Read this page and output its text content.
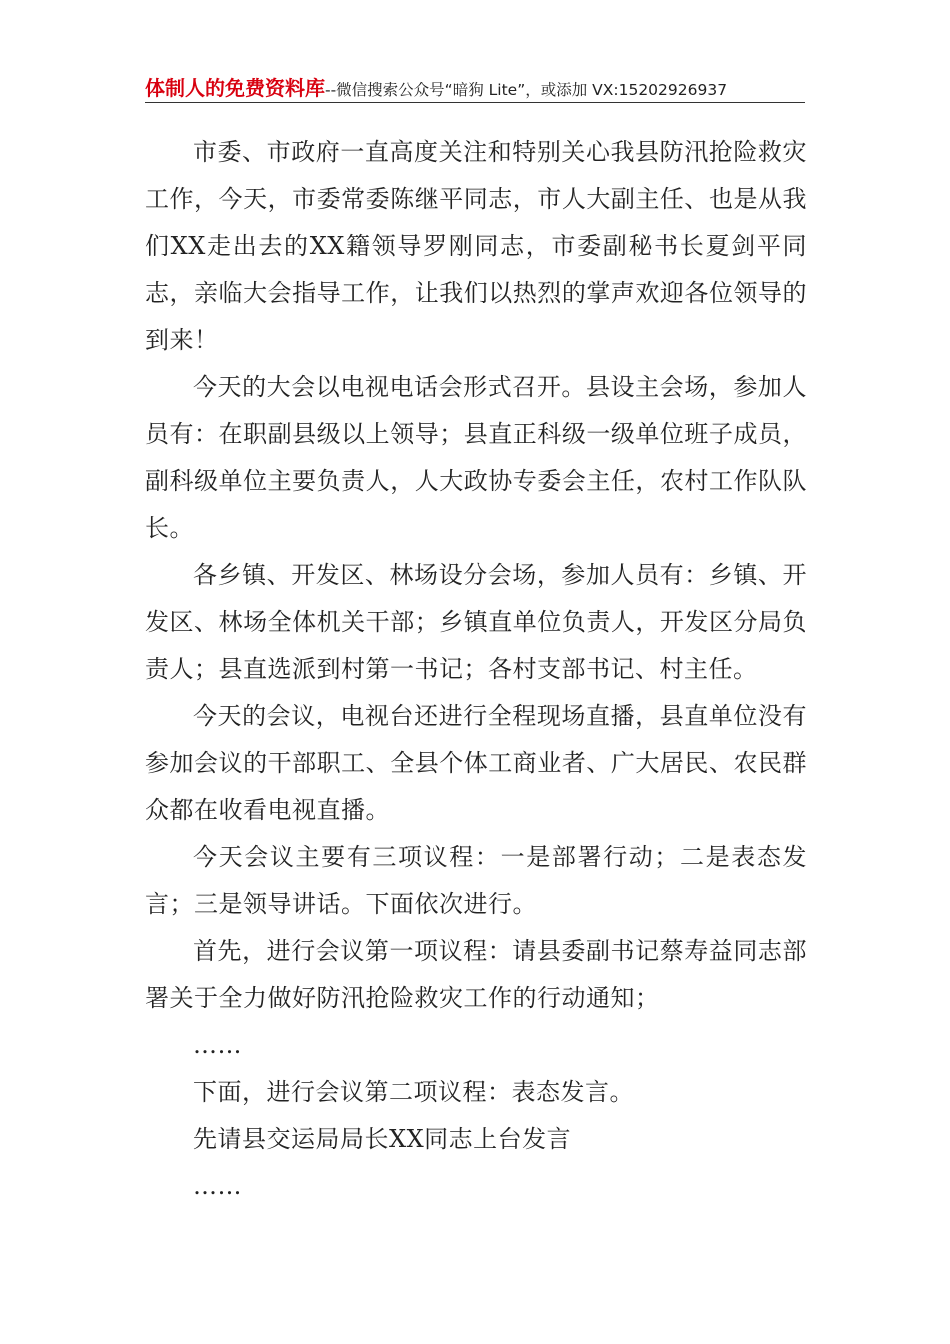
体制人的免费资料库--微信搜索公众号“暗狗 Lite”，或添加 VX:15202926937

市委、市政府一直高度关注和特别关心我县防汛抢险救灾工作，今天，市委常委陈继平同志，市人大副主任、也是从我们XX走出去的XX籍领导罗刚同志，市委副秘书长夏剑平同志，亲临大会指导工作，让我们以热烈的掌声欢迎各位领导的到来！

今天的大会以电视电话会形式召开。县设主会场，参加人员有：在职副县级以上领导；县直正科级一级单位班子成员，副科级单位主要负责人，人大政协专委会主任，农村工作队队长。

各乡镇、开发区、林场设分会场，参加人员有：乡镇、开发区、林场全体机关干部；乡镇直单位负责人，开发区分局负责人；县直选派到村第一书记；各村支部书记、村主任。

今天的会议，电视台还进行全程现场直播，县直单位没有参加会议的干部职工、全县个体工商业者、广大居民、农民群众都在收看电视直播。

今天会议主要有三项议程：一是部署行动；二是表态发言；三是领导讲话。下面依次进行。

首先，进行会议第一项议程：请县委副书记蔡寿益同志部署关于全力做好防汛抢险救灾工作的行动通知；

……

下面，进行会议第二项议程：表态发言。

先请县交运局局长XX同志上台发言

……
